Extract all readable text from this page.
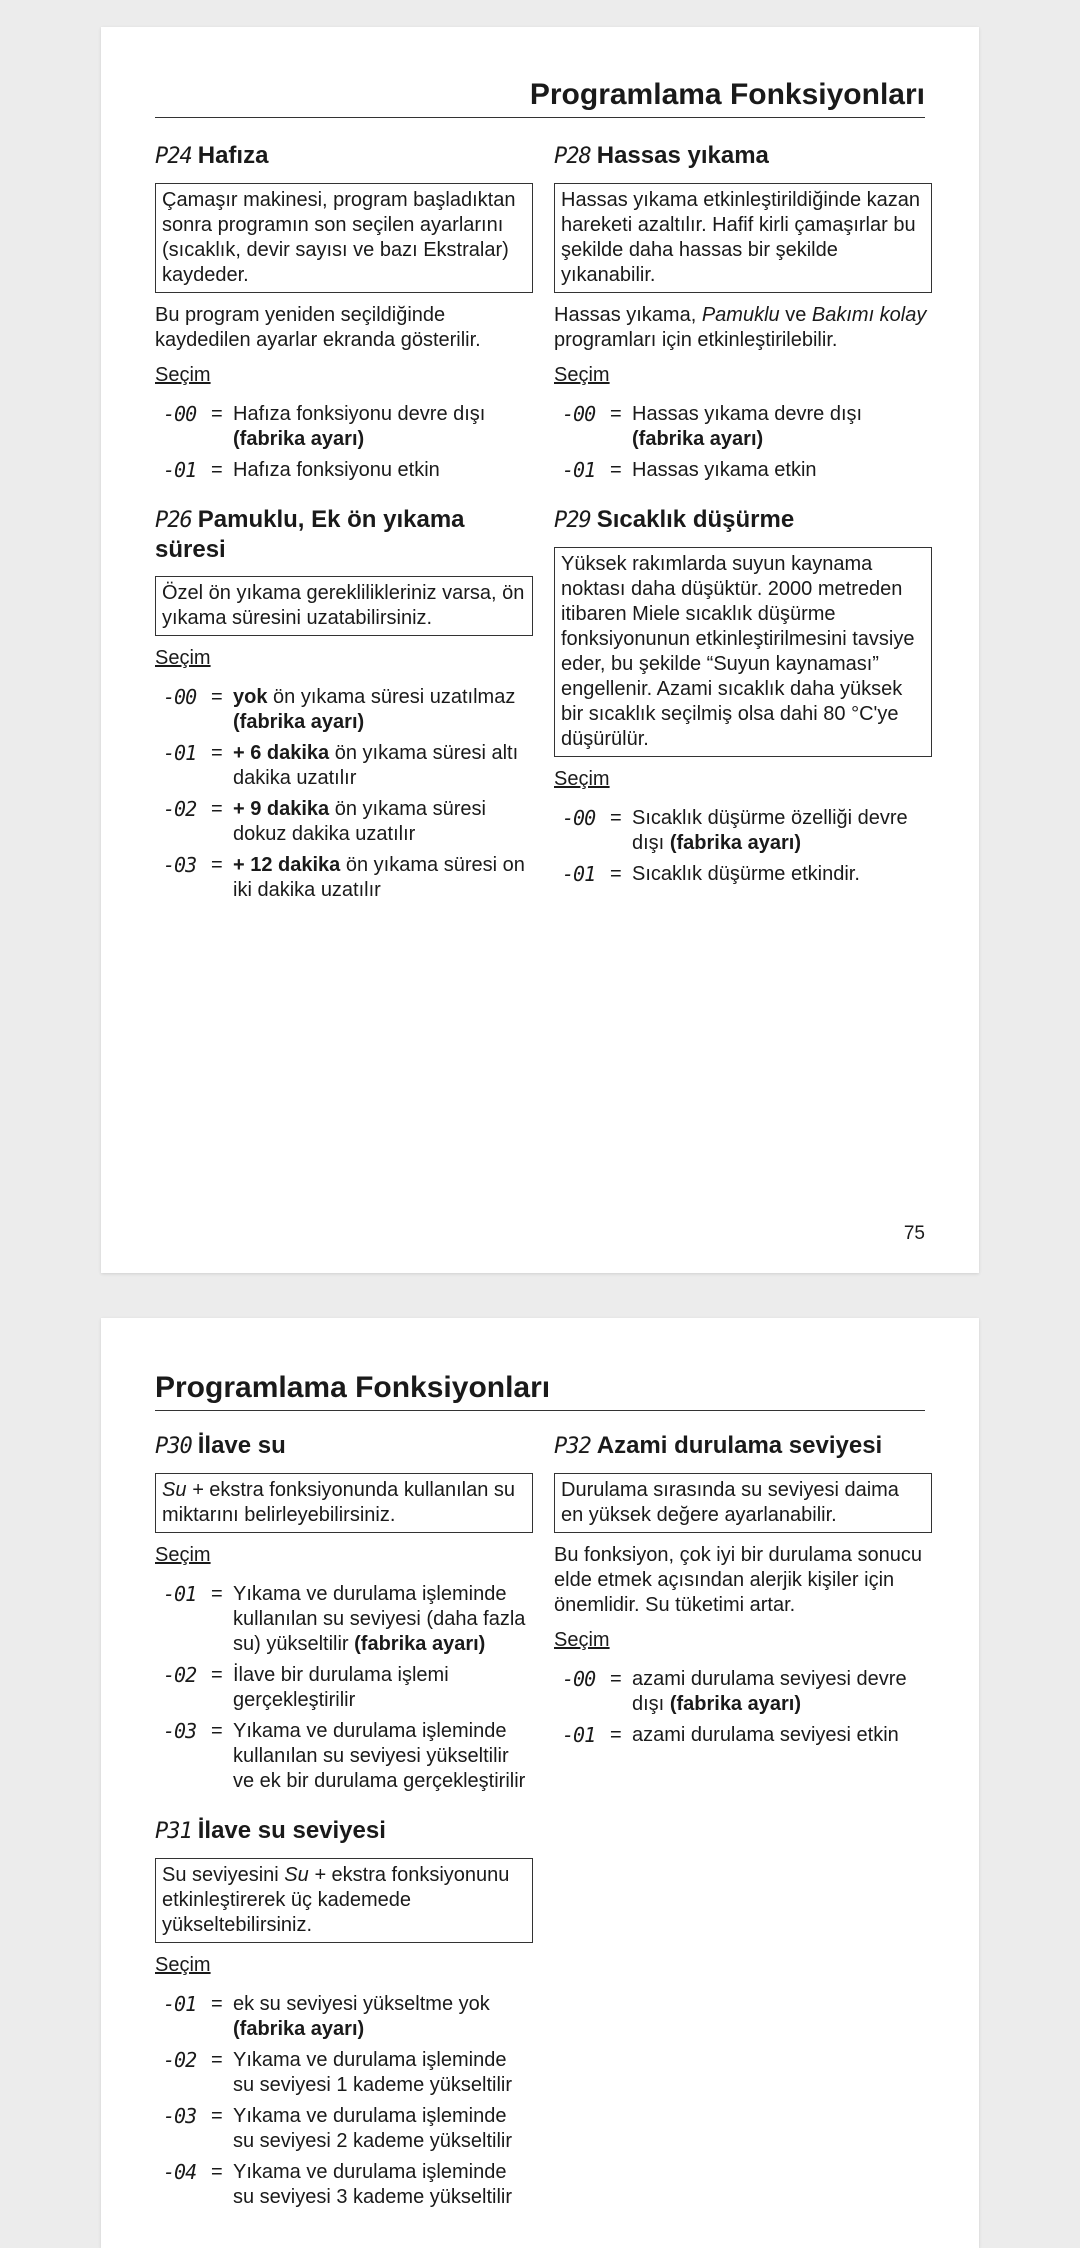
Programlama Fonksiyonları
P24 Hafıza
Çamaşır makinesi, program başladıktan sonra programın son seçilen ayarlarını (sıcaklık, devir sayısı ve bazı Ekstralar) kaydeder.
Bu program yeniden seçildiğinde kaydedilen ayarlar ekranda gösterilir.
Seçim
-00 = Hafıza fonksiyonu devre dışı (fabrika ayarı)
-01 = Hafıza fonksiyonu etkin
P26 Pamuklu, Ek ön yıkama süresi
Özel ön yıkama gereklilikleriniz varsa, ön yıkama süresini uzatabilirsiniz.
Seçim
-00 = yok ön yıkama süresi uzatılmaz
(fabrika ayarı)
-01 = + 6 dakika ön yıkama süresi altı dakika uzatılır
-02 = + 9 dakika ön yıkama süresi dokuz dakika uzatılır
-03 = + 12 dakika ön yıkama süresi on iki dakika uzatılır
P28 Hassas yıkama
Hassas yıkama etkinleştirildiğinde kazan hareketi azaltılır. Hafif kirli çamaşırlar bu şekilde daha hassas bir şekilde yıkanabilir.
Hassas yıkama, Pamuklu ve Bakımı kolay programları için etkinleştirilebilir.
Seçim
-00 = Hassas yıkama devre dışı (fabrika ayarı)
-01 = Hassas yıkama etkin
P29 Sıcaklık düşürme
Yüksek rakımlarda suyun kaynama noktası daha düşüktür. 2000 metreden itibaren Miele sıcaklık düşürme fonksiyonunun etkinleştirilmesini tavsiye eder, bu şekilde “Suyun kaynaması” engellenir. Azami sıcaklık daha yüksek bir sıcaklık seçilmiş olsa dahi 80 °C'ye düşürülür.
Seçim
-00 = Sıcaklık düşürme özelliği devre dışı (fabrika ayarı)
-01 = Sıcaklık düşürme etkindir.
75
Programlama Fonksiyonları
P30 İlave su
Su + ekstra fonksiyonunda kullanılan su miktarını belirleyebilirsiniz.
Seçim
-01 = Yıkama ve durulama işleminde kullanılan su seviyesi (daha fazla su) yükseltilir (fabrika ayarı)
-02 = İlave bir durulama işlemi gerçekleştirilir
-03 = Yıkama ve durulama işleminde kullanılan su seviyesi yükseltilir ve ek bir durulama gerçekleştirilir
P31 İlave su seviyesi
Su seviyesini Su + ekstra fonksiyonunu etkinleştirerek üç kademede yükseltebilirsiniz.
Seçim
-01 = ek su seviyesi yükseltme yok
(fabrika ayarı)
-02 = Yıkama ve durulama işleminde su seviyesi 1 kademe yükseltilir
-03 = Yıkama ve durulama işleminde su seviyesi 2 kademe yükseltilir
-04 = Yıkama ve durulama işleminde su seviyesi 3 kademe yükseltilir
P32 Azami durulama seviyesi
Durulama sırasında su seviyesi daima en yüksek değere ayarlanabilir.
Bu fonksiyon, çok iyi bir durulama sonucu elde etmek açısından alerjik kişiler için önemlidir. Su tüketimi artar.
Seçim
-00 = azami durulama seviyesi devre dışı (fabrika ayarı)
-01 = azami durulama seviyesi etkin
